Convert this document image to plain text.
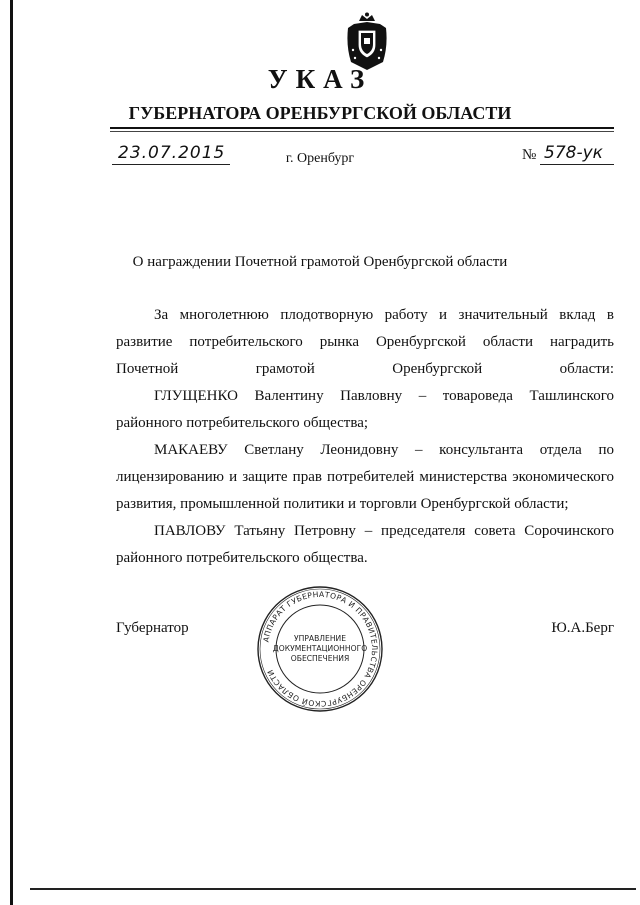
УКАЗ
ГУБЕРНАТОРА ОРЕНБУРГСКОЙ ОБЛАСТИ
23.07.2015	г. Оренбург	№ 578-ук
О награждении Почетной грамотой Оренбургской области
За многолетнюю плодотворную работу и значительный вклад в развитие потребительского рынка Оренбургской области наградить Почетной грамотой Оренбургской области:
ГЛУЩЕНКО Валентину Павловну – товароведа Ташлинского районного потребительского общества;
МАКАЕВУ Светлану Леонидовну – консультанта отдела по лицензированию и защите прав потребителей министерства экономического развития, промышленной политики и торговли Оренбургской области;
ПАВЛОВУ Татьяну Петровну – председателя совета Сорочинского районного потребительского общества.
Губернатор	Ю.А.Берг
АППАРАТ ГУБЕРНАТОРА И ПРАВИТЕЛЬСТВА ОРЕНБУРГСКОЙ ОБЛАСТИ
УПРАВЛЕНИЕ
ДОКУМЕНТАЦИОННОГО
ОБЕСПЕЧЕНИЯ
